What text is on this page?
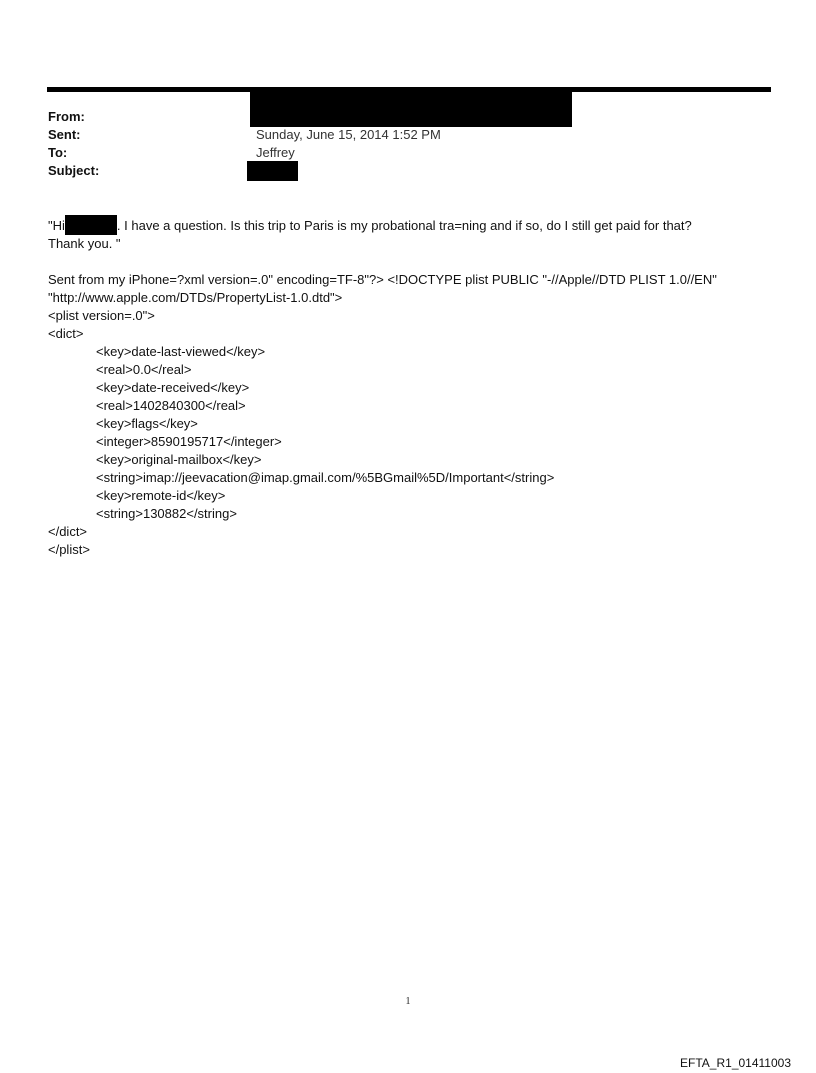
From:
Sent:	Sunday, June 15, 2014 1:52 PM
To:	Jeffrey
Subject:

"Hi	. I have a question. Is this trip to Paris is my probational tra=ning and if so, do I still get paid for that?

Thank you. "

Sent from my iPhone=?xml version=.0" encoding=TF-8"?> <!DOCTYPE plist PUBLIC "-//Apple//DTD PLIST 1.0//EN"

"http://www.apple.com/DTDs/PropertyList-1.0.dtd">

<plist version=.0">

<dict>

<key>date-last-viewed</key>

<real>0.0</real>

<key>date-received</key>

<real>1402840300</real>

<key>flags</key>

<integer>8590195717</integer>

<key>original-mailbox</key>

<string>imap://jeevacation@imap.gmail.com/%5BGmail%5D/Important</string>

<key>remote-id</key>

<string>130882</string>

</dict>

</plist>

1
EFTA_R1_01411003
